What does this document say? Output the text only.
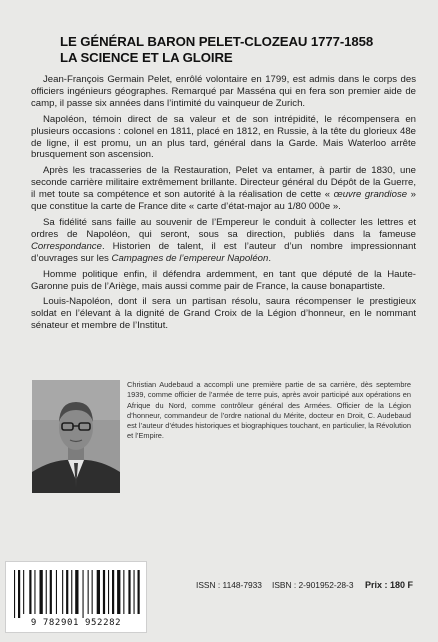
LE GÉNÉRAL BARON PELET-CLOZEAU 1777-1858
LA SCIENCE ET LA GLOIRE

Jean-François Germain Pelet, enrôlé volontaire en 1799, est admis dans le corps des officiers ingénieurs géographes. Remarqué par Masséna qui en fera son premier aide de camp, il passe six années dans l’intimité du vainqueur de Zurich.

Napoléon, témoin direct de sa valeur et de son intrépidité, le récompensera en plusieurs occasions : colonel en 1811, placé en 1812, en Russie, à la tête du glorieux 48e de ligne, il est promu, un an plus tard, général dans la Garde. Mais Waterloo arrête brusquement son ascension.

Après les tracasseries de la Restauration, Pelet va entamer, à partir de 1830, une seconde carrière militaire extrêmement brillante. Directeur général du Dépôt de la Guerre, il met toute sa compétence et son autorité à la réalisation de cette « œuvre grandiose » que constitue la carte de France dite « carte d’état-major au 1/80 000e ».

Sa fidélité sans faille au souvenir de l’Empereur le conduit à collecter les lettres et ordres de Napoléon, qui seront, sous sa direction, publiés dans la fameuse Correspondance. Historien de talent, il est l’auteur d’un nombre impressionnant d’ouvrages sur les Campagnes de l’empereur Napoléon.

Homme politique enfin, il défendra ardemment, en tant que député de la Haute-Garonne puis de l’Ariège, mais aussi comme pair de France, la cause bonapartiste.

Louis-Napoléon, dont il sera un partisan résolu, saura récompenser le prestigieux soldat en l’élevant à la dignité de Grand Croix de la Légion d’honneur, en le nommant sénateur et membre de l’Institut.

Christian Audebaud a accompli une première partie de sa carrière, dès septembre 1939, comme officier de l’armée de terre puis, après avoir participé aux opérations en Afrique du Nord, comme contrôleur général des Armées. Officier de la Légion d’honneur, commandeur de l’ordre national du Mérite, docteur en Droit, C. Audebaud est l’auteur d’études historiques et biographiques touchant, en particulier, la Révolution et l’Empire.
9 782901 952282
ISSN : 1148-7933 ISBN : 2-901952-28-3 Prix : 180 F
